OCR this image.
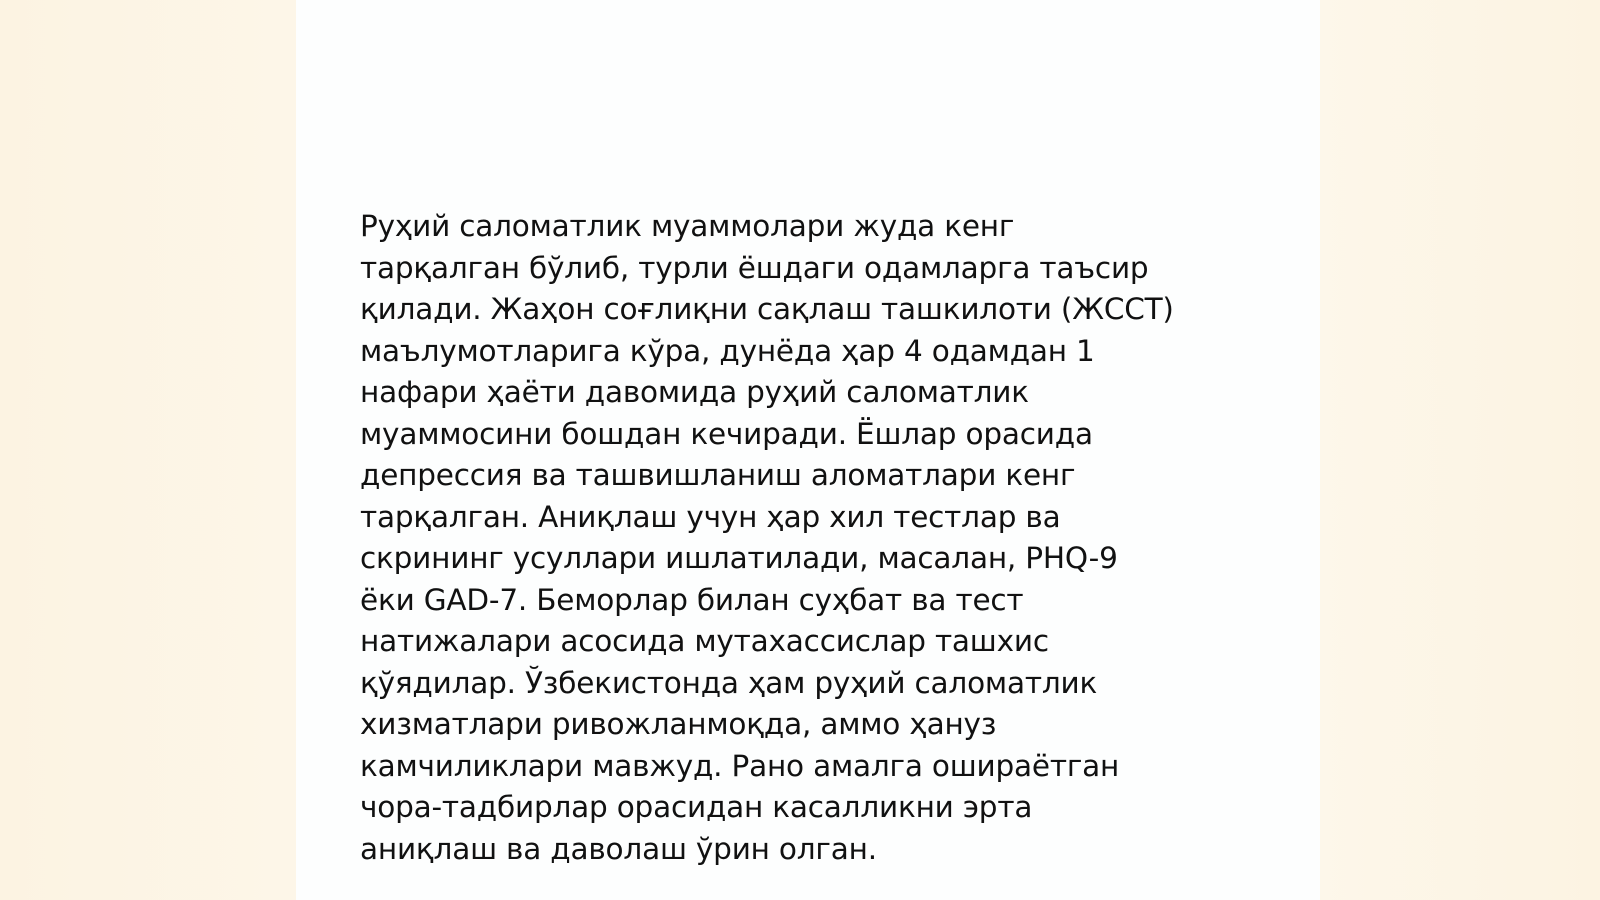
Руҳий саломатлик муаммолари жуда кенг
тарқалган бўлиб, турли ёшдаги одамларга таъсир
қилади. Жаҳон соғлиқни сақлаш ташкилоти (ЖССТ)
маълумотларига кўра, дунёда ҳар 4 одамдан 1
нафари ҳаёти давомида руҳий саломатлик
муаммосини бошдан кечиради. Ёшлар орасида
депрессия ва ташвишланиш аломатлари кенг
тарқалган. Аниқлаш учун ҳар хил тестлар ва
скрининг усуллари ишлатилади, масалан, PHQ-9
ёки GAD-7. Беморлар билан суҳбат ва тест
натижалари асосида мутахассислар ташхис
қўядилар. Ўзбекистонда ҳам руҳий саломатлик
хизматлари ривожланмоқда, аммо ҳануз
камчиликлари мавжуд. Рано амалга ошираётган
чора-тадбирлар орасидан касалликни эрта
аниқлаш ва даволаш ўрин олган.
